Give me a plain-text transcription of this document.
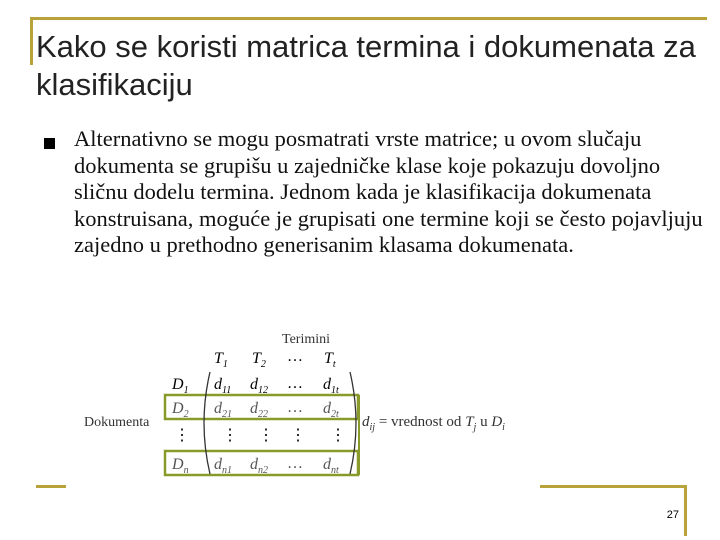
Kako se koristi matrica termina i dokumenata za klasifikaciju
Alternativno se mogu posmatrati vrste matrice; u ovom slučaju dokumenta se grupišu u zajedničke klase koje pokazuju dovoljno sličnu dodelu termina. Jednom kada je klasifikacija dokumenata konstruisana, moguće je grupisati one termine koji se često pojavljuju zajedno u prethodno generisanim klasama dokumenata.
Terimini
Dokumenta
$T_1$ $T_2$ … $T_t$
$D_1$
$D_2$
⋮
$D_n$
$d_{11}$ $d_{12}$ … $d_{1t}$
$d_{21}$ $d_{22}$ … $d_{2t}$
⋮ ⋮ ⋮ ⋮
$d_{n1}$ $d_{n2}$ … $d_{nt}$
$d_{ij}$ = vrednost od $T_j$ u $D_i$
27
